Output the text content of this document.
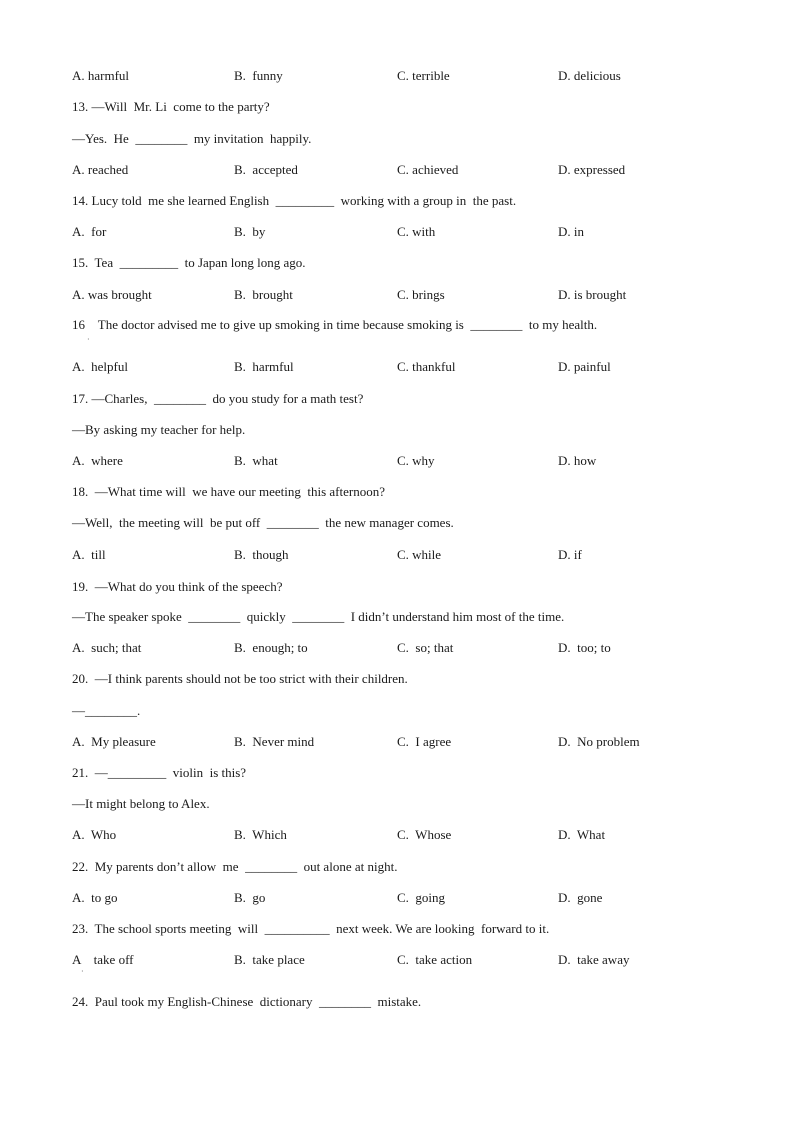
A. harmful	B.  funny	C. terrible	D. delicious
13. —Will  Mr. Li  come to the party?
—Yes.  He  ________  my invitation  happily.
A. reached	B.  accepted	C. achieved	D. expressed
14. Lucy told  me she learned English  _________  working with a group in  the past.
A.  for	B.  by	C. with	D. in
15.  Tea  _________  to Japan long long ago.
A. was brought	B.  brought	C. brings	D. is brought
16    The doctor advised me to give up smoking in time because smoking is  ________  to my health.
·
A.  helpful	B.  harmful	C. thankful	D. painful
17. —Charles,  ________  do you study for a math test?
—By asking my teacher for help.
A.  where	B.  what	C. why	D. how
18.  —What time will  we have our meeting  this afternoon?
—Well,  the meeting will  be put off  ________  the new manager comes.
A.  till	B.  though	C. while	D. if
19.  —What do you think of the speech?
—The speaker spoke  ________  quickly  ________  I didn’t understand him most of the time.
A.  such; that	B.  enough; to	C.  so; that	D.  too; to
20.  —I think parents should not be too strict with their children.
—________.
A.  My pleasure	B.  Never mind	C.  I agree	D.  No problem
21.  —_________  violin  is this?
—It might belong to Alex.
A.  Who	B.  Which	C.  Whose	D.  What
22.  My parents don’t allow  me  ________  out alone at night.
A.  to go	B.  go	C.  going	D.  gone
23.  The school sports meeting  will  __________  next week. We are looking  forward to it.
A    take off	B.  take place	C.  take action	D.  take away
·
24.  Paul took my English-Chinese  dictionary  ________  mistake.
